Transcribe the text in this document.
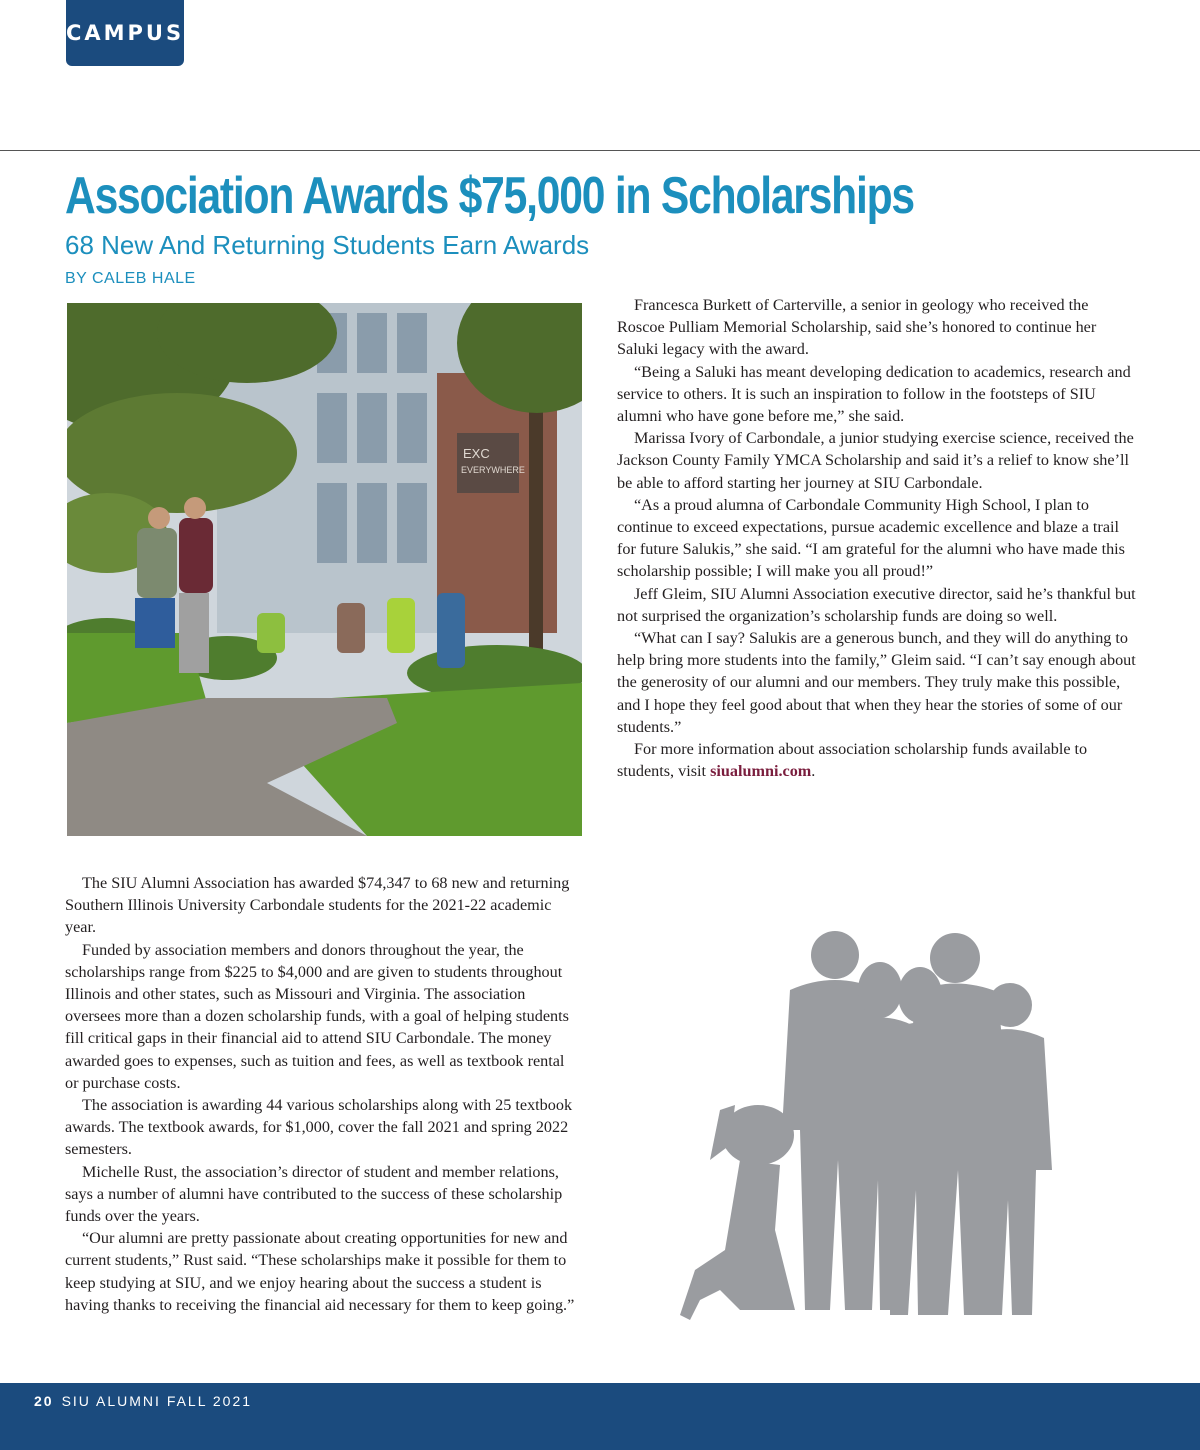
CAMPUS
Association Awards $75,000 in Scholarships
68 New And Returning Students Earn Awards
BY CALEB HALE
EXC
EVERYWHERE

Francesca Burkett of Carterville, a senior in geology who received the Roscoe Pulliam Memorial Scholarship, said she’s honored to continue her Saluki legacy with the award.

“Being a Saluki has meant developing dedication to academics, research and service to others. It is such an inspiration to follow in the footsteps of SIU alumni who have gone before me,” she said.

Marissa Ivory of Carbondale, a junior studying exercise science, received the Jackson County Family YMCA Scholarship and said it’s a relief to know she’ll be able to afford starting her journey at SIU Carbondale.

“As a proud alumna of Carbondale Community High School, I plan to continue to exceed expectations, pursue academic excellence and blaze a trail for future Salukis,” she said. “I am grateful for the alumni who have made this scholarship possible; I will make you all proud!”

Jeff Gleim, SIU Alumni Association executive director, said he’s thankful but not surprised the organization’s scholarship funds are doing so well.

“What can I say? Salukis are a generous bunch, and they will do anything to help bring more students into the family,” Gleim said. “I can’t say enough about the generosity of our alumni and our members. They truly make this possible, and I hope they feel good about that when they hear the stories of some of our students.”

For more information about association scholarship funds available to students, visit siualumni.com.

The SIU Alumni Association has awarded $74,347 to 68 new and returning Southern Illinois University Carbondale students for the 2021-22 academic year.

Funded by association members and donors throughout the year, the scholarships range from $225 to $4,000 and are given to students throughout Illinois and other states, such as Missouri and Virginia. The association oversees more than a dozen scholarship funds, with a goal of helping students fill critical gaps in their financial aid to attend SIU Carbondale. The money awarded goes to expenses, such as tuition and fees, as well as textbook rental or purchase costs.

The association is awarding 44 various scholarships along with 25 textbook awards. The textbook awards, for $1,000, cover the fall 2021 and spring 2022 semesters.

Michelle Rust, the association’s director of student and member relations, says a number of alumni have contributed to the success of these scholarship funds over the years.

“Our alumni are pretty passionate about creating opportunities for new and current students,” Rust said. “These scholarships make it possible for them to keep studying at SIU, and we enjoy hearing about the success a student is having thanks to receiving the financial aid necessary for them to keep going.”

20 SIU ALUMNI FALL 2021
